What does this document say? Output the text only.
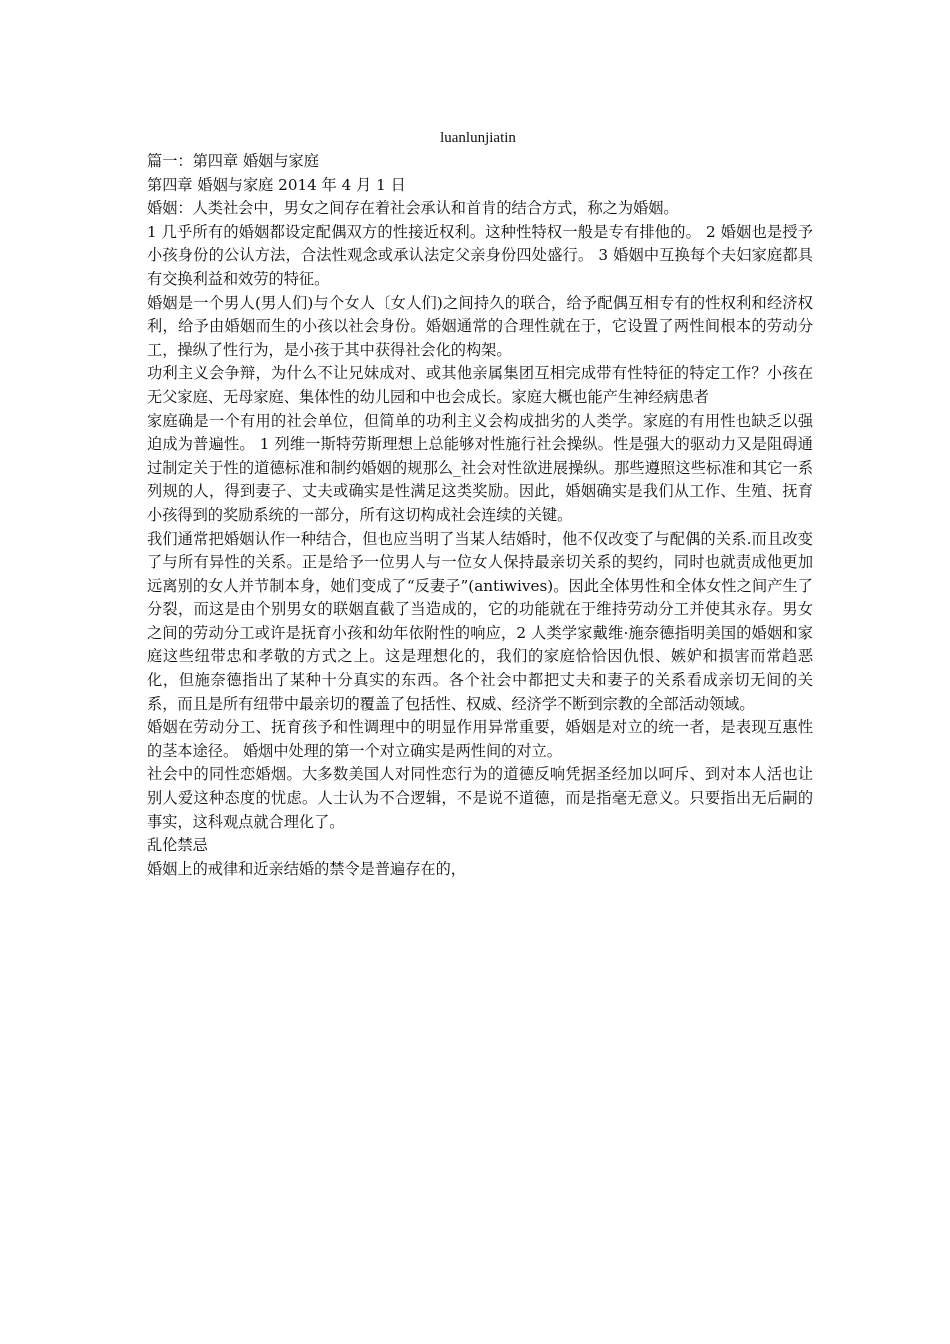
luanlunjiatin

篇一：第四章 婚姻与家庭

第四章 婚姻与家庭 2014 年 4 月 1 日

婚姻：人类社会中，男女之间存在着社会承认和首肯的结合方式，称之为婚姻。

1 几乎所有的婚姻都设定配偶双方的性接近权利。这种性特权一般是专有排他的。 2 婚姻也是授予小孩身份的公认方法，合法性观念或承认法定父亲身份四处盛行。 3 婚姻中互换每个夫妇家庭都具有交换利益和效劳的特征。

婚姻是一个男人(男人们)与个女人〔女人们)之间持久的联合，给予配偶互相专有的性权利和经济权利，给予由婚姻而生的小孩以社会身份。婚姻通常的合理性就在于，它设置了两性间根本的劳动分工，操纵了性行为，是小孩于其中获得社会化的构架。

功利主义会争辩，为什么不让兄妹成对、或其他亲属集团互相完成带有性特征的特定工作？小孩在无父家庭、无母家庭、集体性的幼儿园和中也会成长。家庭大概也能产生神经病患者

家庭确是一个有用的社会单位，但简单的功利主义会构成拙劣的人类学。家庭的有用性也缺乏以强迫成为普遍性。 1 列维一斯特劳斯理想上总能够对性施行社会操纵。性是强大的驱动力又是阻碍通过制定关于性的道德标准和制约婚姻的规那么_社会对性欲进展操纵。那些遵照这些标准和其它一系列规的人，得到妻子、丈夫或确实是性满足这类奖励。因此，婚姻确实是我们从工作、生殖、抚育小孩得到的奖励系统的一部分，所有这切构成社会连续的关键。

我们通常把婚姻认作一种结合，但也应当明了当某人结婚时，他不仅改变了与配偶的关系.而且改变了与所有异性的关系。正是给予一位男人与一位女人保持最亲切关系的契约，同时也就责成他更加远离别的女人并节制本身，她们变成了“反妻子”(antiwives)。因此全体男性和全体女性之间产生了分裂，而这是由个别男女的联姻直截了当造成的，它的功能就在于维持劳动分工并使其永存。男女之间的劳动分工或许是抚育小孩和幼年依附性的响应，2 人类学家戴维·施奈德指明美国的婚姻和家庭这些纽带忠和孝敬的方式之上。这是理想化的，我们的家庭恰恰因仇恨、嫉妒和损害而常趋恶化，但施奈德指出了某种十分真实的东西。各个社会中都把丈夫和妻子的关系看成亲切无间的关系，而且是所有纽带中最亲切的覆盖了包括性、权威、经济学不断到宗教的全部活动领域。

婚姻在劳动分工、抚育孩予和性调理中的明显作用异常重要，婚姻是对立的统一者，是表现互惠性的茎本途径。 婚烟中处理的第一个对立确实是两性间的对立。

社会中的同性恋婚烟。大多数美国人对同性恋行为的道德反响凭据圣经加以呵斥、到对本人活也让别人爱这种态度的忧虑。人士认为不合逻辑，不是说不道德，而是指毫无意义。只要指出无后嗣的事实，这科观点就合理化了。

乱伦禁忌

婚姻上的戒律和近亲结婚的禁令是普遍存在的，
